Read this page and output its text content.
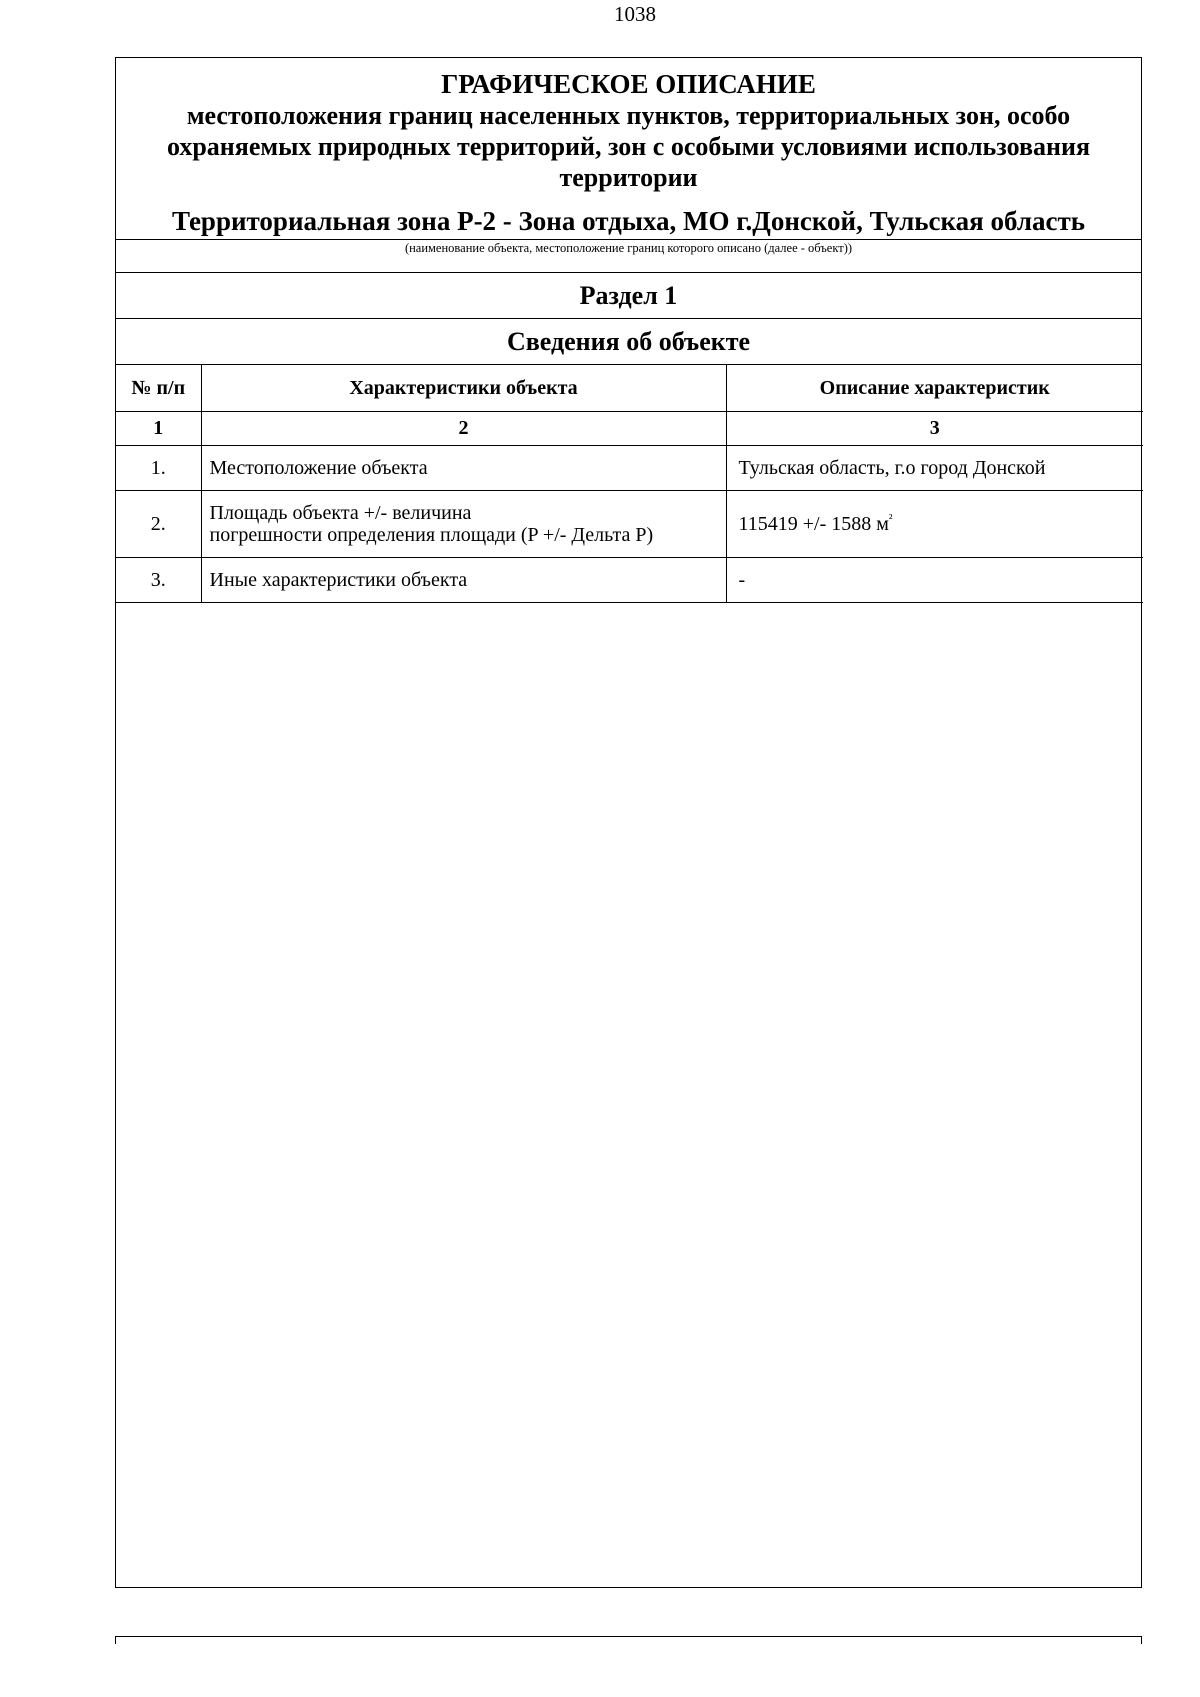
1038
ГРАФИЧЕСКОЕ ОПИСАНИЕ
местоположения границ населенных пунктов, территориальных зон, особо охраняемых природных территорий, зон с особыми условиями использования территории
Территориальная зона Р-2 - Зона отдыха, МО г.Донской, Тульская область
(наименование объекта, местоположение границ которого описано (далее - объект))
Раздел 1
Сведения об объекте
№ п/п	Характеристики объекта	Описание характеристик
1	2	3
1.	Местоположение объекта	Тульская область, г.о город Донской
2.	Площадь объекта +/- величина
погрешности определения площади (P +/- Дельта P)	115419 +/- 1588 $м^{^2}$
3.	Иные характеристики объекта	-
